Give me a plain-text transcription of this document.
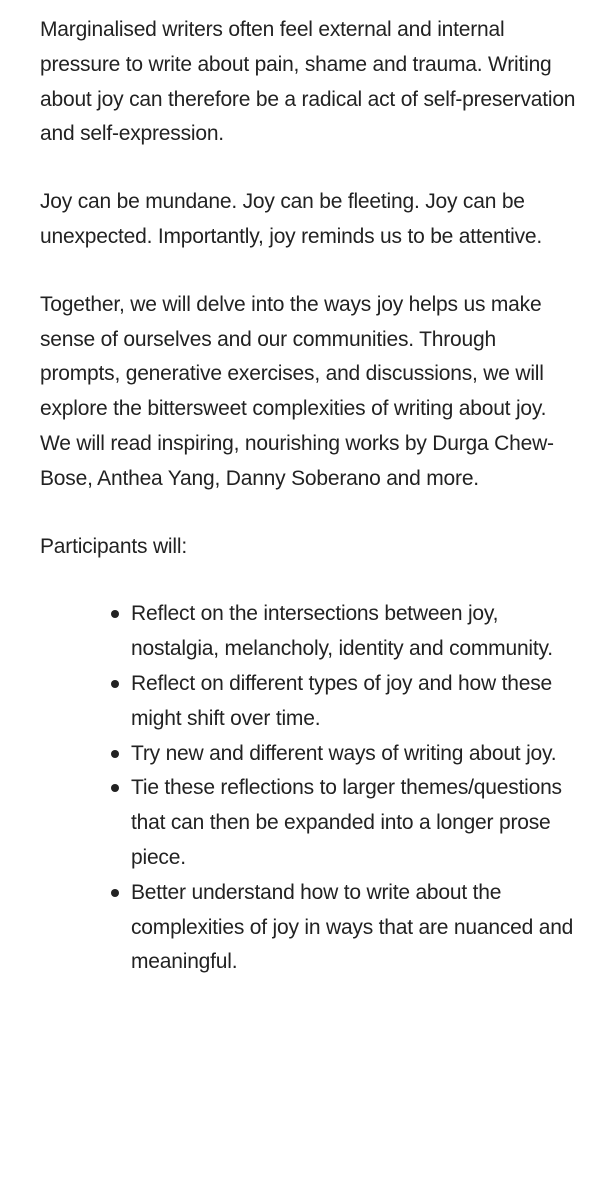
Marginalised writers often feel external and internal pressure to write about pain, shame and trauma. Writing about joy can therefore be a radical act of self-preservation and self-expression.

Joy can be mundane. Joy can be fleeting. Joy can be unexpected. Importantly, joy reminds us to be attentive.

Together, we will delve into the ways joy helps us make sense of ourselves and our communities. Through prompts, generative exercises, and discussions, we will explore the bittersweet complexities of writing about joy. We will read inspiring, nourishing works by Durga Chew-Bose, Anthea Yang, Danny Soberano and more.

Participants will:

Reflect on the intersections between joy, nostalgia, melancholy, identity and community.
Reflect on different types of joy and how these might shift over time.
Try new and different ways of writing about joy.
Tie these reflections to larger themes/questions that can then be expanded into a longer prose piece.
Better understand how to write about the complexities of joy in ways that are nuanced and meaningful.
